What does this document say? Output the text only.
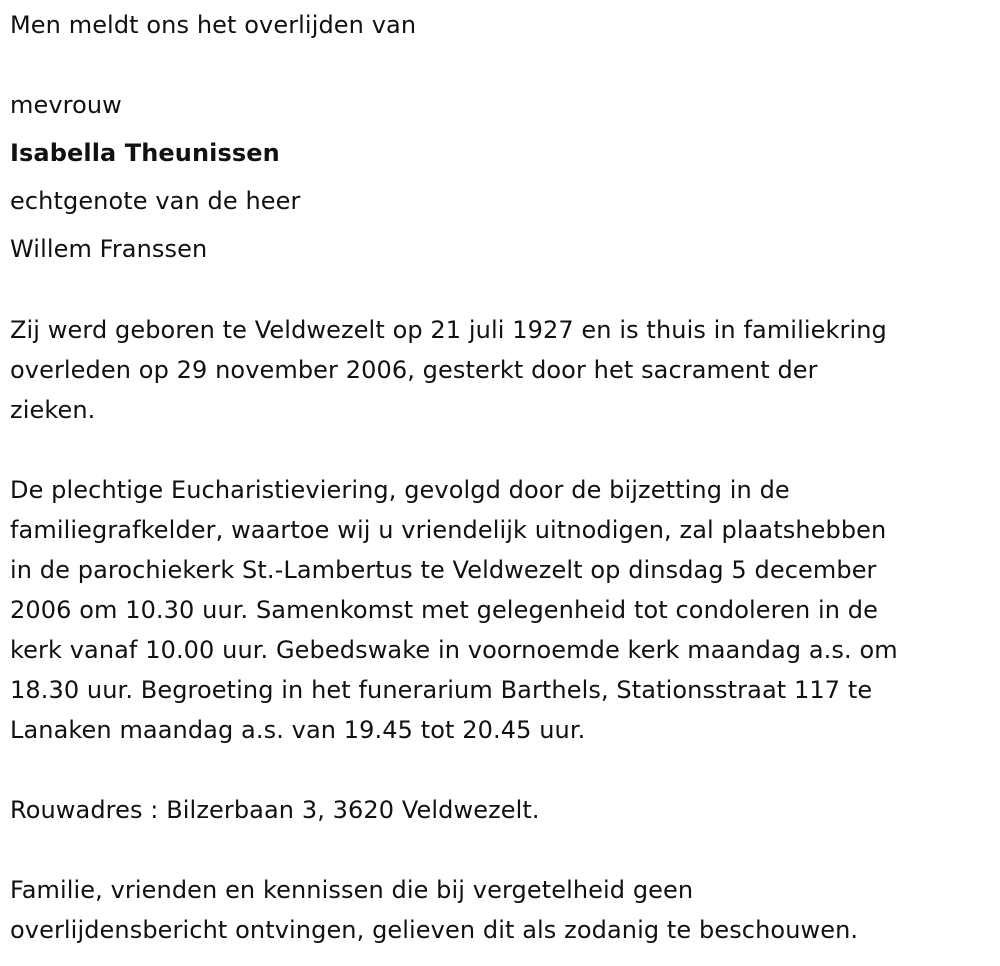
Men meldt ons het overlijden van
mevrouw
Isabella Theunissen
echtgenote van de heer
Willem Franssen
Zij werd geboren te Veldwezelt op 21 juli 1927 en is thuis in familiekring
overleden op 29 november 2006, gesterkt door het sacrament der
zieken.
De plechtige Eucharistieviering, gevolgd door de bijzetting in de
familiegrafkelder, waartoe wij u vriendelijk uitnodigen, zal plaatshebben
in de parochiekerk St.-Lambertus te Veldwezelt op dinsdag 5 december
2006 om 10.30 uur. Samenkomst met gelegenheid tot condoleren in de
kerk vanaf 10.00 uur. Gebedswake in voornoemde kerk maandag a.s. om
18.30 uur. Begroeting in het funerarium Barthels, Stationsstraat 117 te
Lanaken maandag a.s. van 19.45 tot 20.45 uur.
Rouwadres : Bilzerbaan 3, 3620 Veldwezelt.
Familie, vrienden en kennissen die bij vergetelheid geen
overlijdensbericht ontvingen, gelieven dit als zodanig te beschouwen.
